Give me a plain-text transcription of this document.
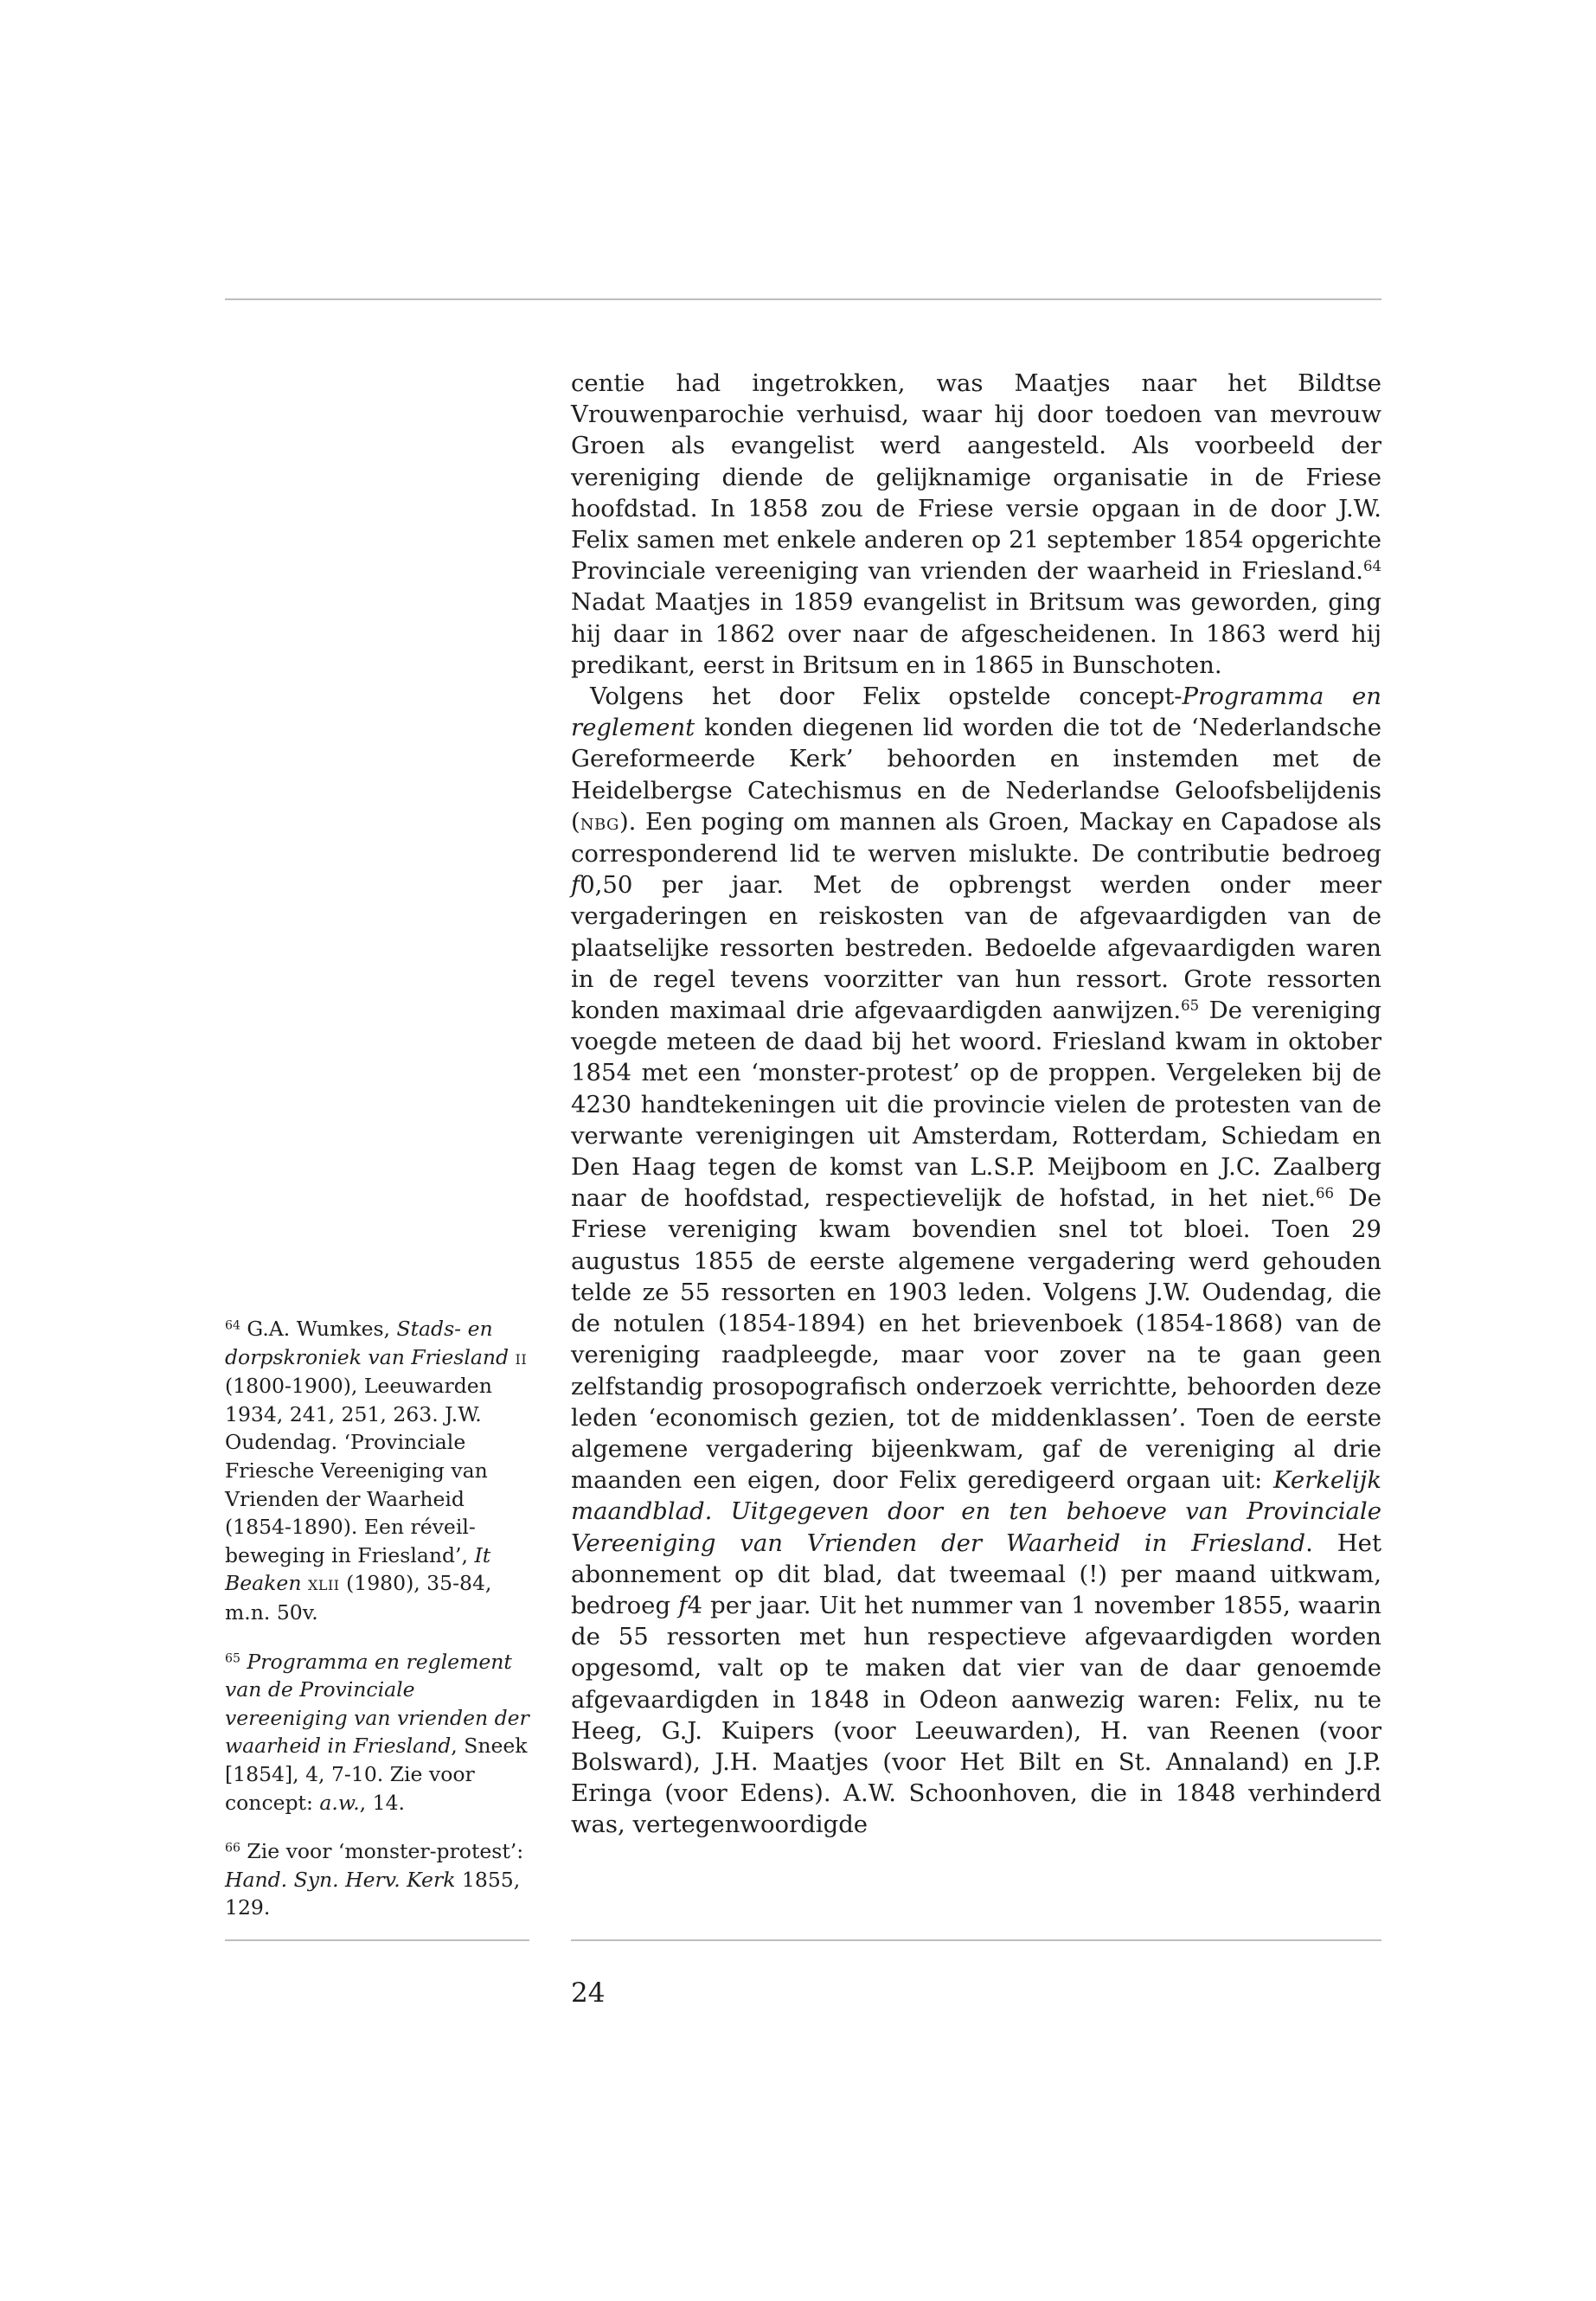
$^{64}$ G.A. Wumkes, Stads- en dorpskroniek van Friesland ii (1800-1900), Leeuwarden 1934, 241, 251, 263. J.W. Oudendag. ‘Provinciale Friesche Vereeniging van Vrienden der Waarheid (1854-1890). Een réveil-beweging in Friesland’, It Beaken xlii (1980), 35-84, m.n. 50v.

$^{65}$ Programma en reglement van de Provinciale vereeniging van vrienden der waarheid in Friesland, Sneek [1854], 4, 7-10. Zie voor concept: a.w., 14.

$^{66}$ Zie voor ‘monster-protest’: Hand. Syn. Herv. Kerk 1855, 129.

centie had ingetrokken, was Maatjes naar het Bildtse Vrouwenparochie verhuisd, waar hij door toedoen van mevrouw Groen als evangelist werd aangesteld. Als voorbeeld der vereniging diende de gelijknamige organisatie in de Friese hoofdstad. In 1858 zou de Friese versie opgaan in de door J.W. Felix samen met enkele anderen op 21 september 1854 opgerichte Provinciale vereeniging van vrienden der waarheid in Friesland.$^{64}$ Nadat Maatjes in 1859 evangelist in Britsum was geworden, ging hij daar in 1862 over naar de afgescheidenen. In 1863 werd hij predikant, eerst in Britsum en in 1865 in Bunschoten.

Volgens het door Felix opstelde concept-Programma en reglement konden diegenen lid worden die tot de ‘Nederlandsche Gereformeerde Kerk’ behoorden en instemden met de Heidelbergse Catechismus en de Nederlandse Geloofsbelijdenis (nbg). Een poging om mannen als Groen, Mackay en Capadose als corresponderend lid te werven mislukte. De contributie bedroeg f0,50 per jaar. Met de opbrengst werden onder meer vergaderingen en reiskosten van de afgevaardigden van de plaatselijke ressorten bestreden. Bedoelde afgevaardigden waren in de regel tevens voorzitter van hun ressort. Grote ressorten konden maximaal drie afgevaardigden aanwijzen.$^{65}$ De vereniging voegde meteen de daad bij het woord. Friesland kwam in oktober 1854 met een ‘monster-protest’ op de proppen. Vergeleken bij de 4230 handtekeningen uit die provincie vielen de protesten van de verwante verenigingen uit Amsterdam, Rotterdam, Schiedam en Den Haag tegen de komst van L.S.P. Meijboom en J.C. Zaalberg naar de hoofdstad, respectievelijk de hofstad, in het niet.$^{66}$ De Friese vereniging kwam bovendien snel tot bloei. Toen 29 augustus 1855 de eerste algemene vergadering werd gehouden telde ze 55 ressorten en 1903 leden. Volgens J.W. Oudendag, die de notulen (1854-1894) en het brievenboek (1854-1868) van de vereniging raadpleegde, maar voor zover na te gaan geen zelfstandig prosopografisch onderzoek verrichtte, behoorden deze leden ‘economisch gezien, tot de middenklassen’. Toen de eerste algemene vergadering bijeenkwam, gaf de vereniging al drie maanden een eigen, door Felix geredigeerd orgaan uit: Kerkelijk maandblad. Uitgegeven door en ten behoeve van Provinciale Vereeniging van Vrienden der Waarheid in Friesland. Het abonnement op dit blad, dat tweemaal (!) per maand uitkwam, bedroeg f4 per jaar. Uit het nummer van 1 november 1855, waarin de 55 ressorten met hun respectieve afgevaardigden worden opgesomd, valt op te maken dat vier van de daar genoemde afgevaardigden in 1848 in Odeon aanwezig waren: Felix, nu te Heeg, G.J. Kuipers (voor Leeuwarden), H. van Reenen (voor Bolsward), J.H. Maatjes (voor Het Bilt en St. Annaland) en J.P. Eringa (voor Edens). A.W. Schoonhoven, die in 1848 verhinderd was, vertegenwoordigde

24
